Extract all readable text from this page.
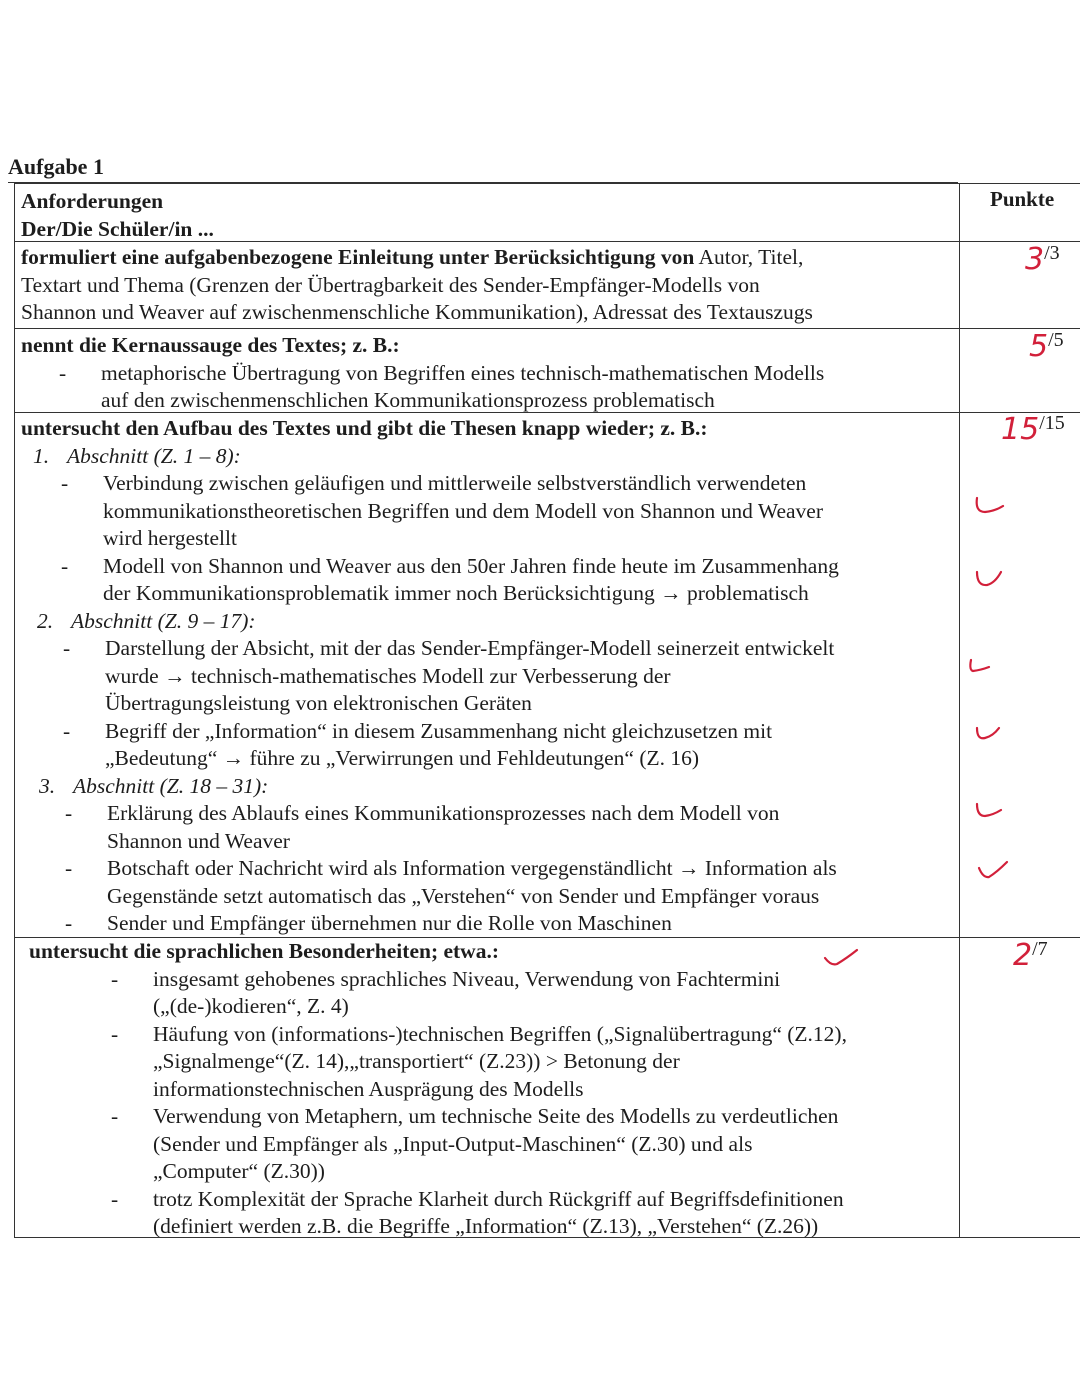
Aufgabe 1
Anforderungen
Der/Die Schüler/in ...
Punkte
formuliert eine aufgabenbezogene Einleitung unter Berücksichtigung von Autor, Titel,
Textart und Thema (Grenzen der Übertragbarkeit des Sender-Empfänger-Modells von
Shannon und Weaver auf zwischenmenschliche Kommunikation), Adressat des Textauszugs
3/3
nennt die Kernaussauge des Textes; z. B.:
- metaphorische Übertragung von Begriffen eines technisch-mathematischen Modells
auf den zwischenmenschlichen Kommunikationsprozess problematisch
5/5
untersucht den Aufbau des Textes und gibt die Thesen knapp wieder; z. B.:
1. Abschnitt (Z. 1 – 8):
- Verbindung zwischen geläufigen und mittlerweile selbstverständlich verwendeten
kommunikationstheoretischen Begriffen und dem Modell von Shannon und Weaver
wird hergestellt
- Modell von Shannon und Weaver aus den 50er Jahren finde heute im Zusammenhang
der Kommunikationsproblematik immer noch Berücksichtigung → problematisch
2. Abschnitt (Z. 9 – 17):
- Darstellung der Absicht, mit der das Sender-Empfänger-Modell seinerzeit entwickelt
wurde → technisch-mathematisches Modell zur Verbesserung der
Übertragungsleistung von elektronischen Geräten
- Begriff der „Information“ in diesem Zusammenhang nicht gleichzusetzen mit
„Bedeutung“ → führe zu „Verwirrungen und Fehldeutungen“ (Z. 16)
3. Abschnitt (Z. 18 – 31):
- Erklärung des Ablaufs eines Kommunikationsprozesses nach dem Modell von
Shannon und Weaver
- Botschaft oder Nachricht wird als Information vergegenständlicht → Information als
Gegenstände setzt automatisch das „Verstehen“ von Sender und Empfänger voraus
- Sender und Empfänger übernehmen nur die Rolle von Maschinen
15/15
untersucht die sprachlichen Besonderheiten; etwa.:
- insgesamt gehobenes sprachliches Niveau, Verwendung von Fachtermini
(„(de-)kodieren“, Z. 4)
- Häufung von (informations-)technischen Begriffen („Signalübertragung“ (Z.12),
„Signalmenge“(Z. 14),„transportiert“ (Z.23)) > Betonung der
informationstechnischen Ausprägung des Modells
- Verwendung von Metaphern, um technische Seite des Modells zu verdeutlichen
(Sender und Empfänger als „Input-Output-Maschinen“ (Z.30) und als
„Computer“ (Z.30))
- trotz Komplexität der Sprache Klarheit durch Rückgriff auf Begriffsdefinitionen
(definiert werden z.B. die Begriffe „Information“ (Z.13), „Verstehen“ (Z.26))
2/7
